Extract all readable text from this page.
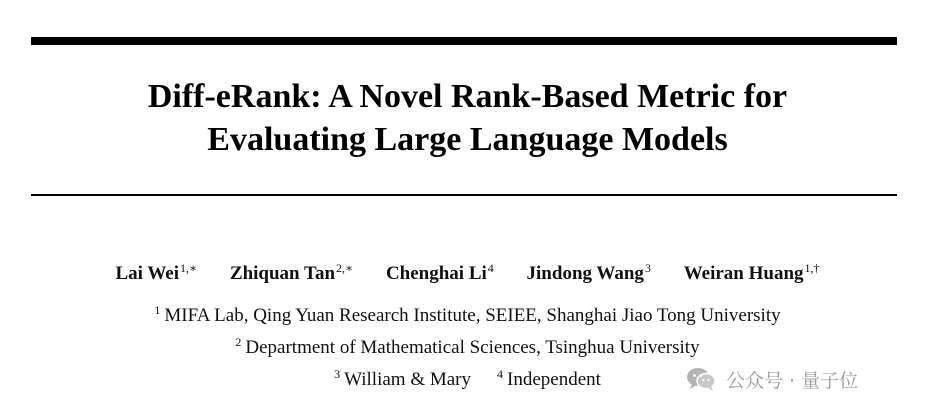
Diff-eRank: A Novel Rank-Based Metric for
Evaluating Large Language Models
Lai Wei$^{1,∗}$ Zhiquan Tan$^{2,∗}$ Chenghai Li$^4$ Jindong Wang$^3$ Weiran Huang$^{1,\dagger}$
$^1$ MIFA Lab, Qing Yuan Research Institute, SEIEE, Shanghai Jiao Tong University
$^2$ Department of Mathematical Sciences, Tsinghua University
$^3$ William & Mary $^4$ Independent	公众号 · 量子位
